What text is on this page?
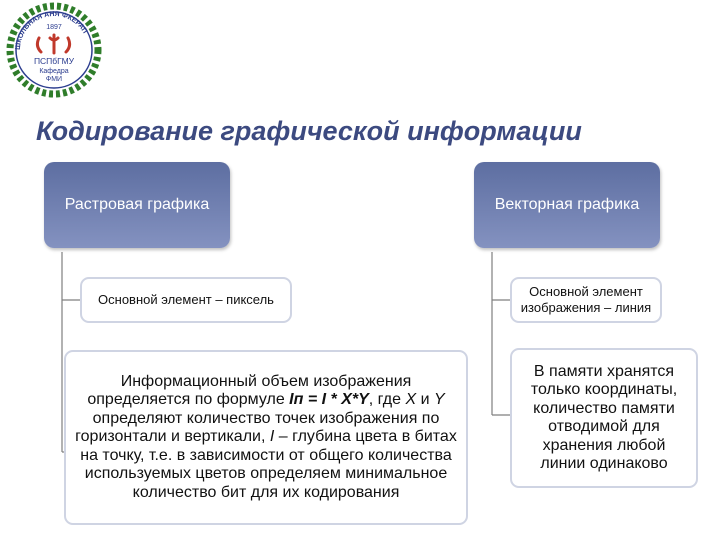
ШКОЛЬНАЯ АНЯ ФКЕРАП
1897
ПСПбГМУ
Кафедра
ФМИ
Кодирование графической информации
Растровая графика
Основной элемент – пиксель
Информационный объем изображения определяется по формуле Iп = I * X*Y, где X и Y определяют количество точек изображения по горизонтали и вертикали, I – глубина цвета в битах на точку, т.е. в зависимости от общего количества используемых цветов определяем минимальное количество бит для их кодирования
Векторная графика
Основной элемент изображения – линия
В памяти хранятся только координаты, количество памяти отводимой для хранения любой линии одинаково
